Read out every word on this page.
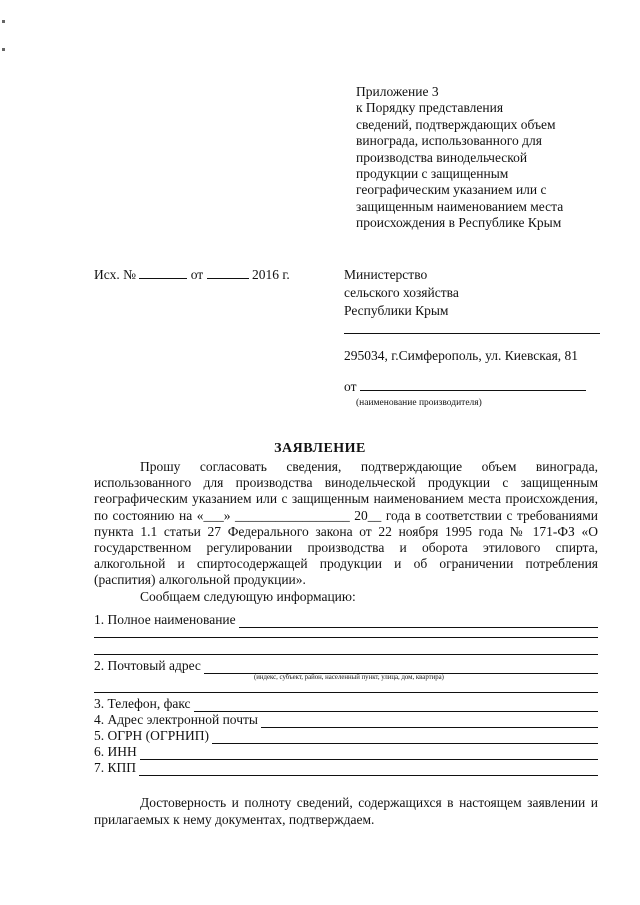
Приложение 3
к Порядку представления
сведений, подтверждающих объем
винограда, использованного для
производства винодельческой
продукции с защищенным
географическим указанием или с
защищенным наименованием места
происхождения в Республике Крым
Исх. №	от	2016 г.	Министерство
сельского хозяйства
Республики Крым
295034, г.Симферополь, ул. Киевская, 81
от
(наименование производителя)
ЗАЯВЛЕНИЕ

Прошу согласовать сведения, подтверждающие объем винограда, использованного для производства винодельческой продукции с защищенным географическим указанием или с защищенным наименованием места происхождения, по состоянию на «___» _________________ 20__ года в соответствии с требованиями пункта 1.1 статьи 27 Федерального закона от 22 ноября 1995 года № 171-ФЗ «О государственном регулировании производства и оборота этилового спирта, алкогольной и спиртосодержащей продукции и об ограничении потребления (распития) алкогольной продукции».

Сообщаем следующую информацию:

1. Полное наименование
2. Почтовый адрес
(индекс, субъект, район, населенный пункт, улица, дом, квартира)
3. Телефон, факс
4. Адрес электронной почты
5. ОГРН (ОГРНИП)
6. ИНН
7. КПП

Достоверность и полноту сведений, содержащихся в настоящем заявлении и прилагаемых к нему документах, подтверждаем.
